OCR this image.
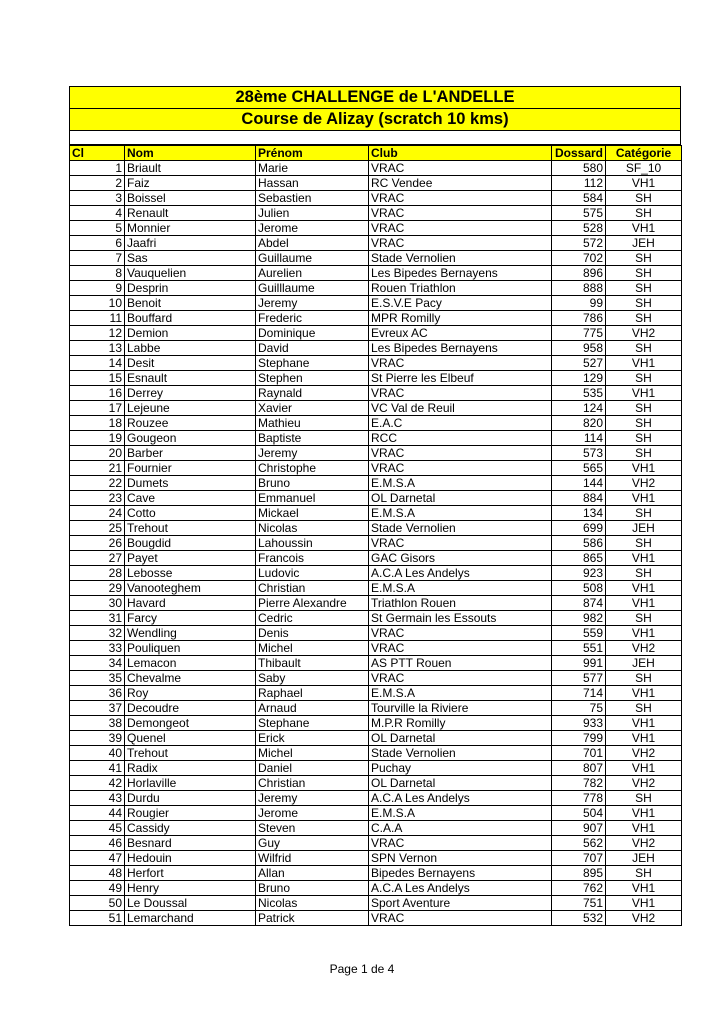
28ème CHALLENGE de L'ANDELLE
Course de Alizay (scratch 10 kms)
Cl	Nom	Prénom	Club	Dossard	Catégorie
1	Briault	Marie	VRAC	580	SF_10
2	Faiz	Hassan	RC Vendee	112	VH1
3	Boissel	Sebastien	VRAC	584	SH
4	Renault	Julien	VRAC	575	SH
5	Monnier	Jerome	VRAC	528	VH1
6	Jaafri	Abdel	VRAC	572	JEH
7	Sas	Guillaume	Stade Vernolien	702	SH
8	Vauquelien	Aurelien	Les Bipedes Bernayens	896	SH
9	Desprin	Guilllaume	Rouen Triathlon	888	SH
10	Benoit	Jeremy	E.S.V.E Pacy	99	SH
11	Bouffard	Frederic	MPR Romilly	786	SH
12	Demion	Dominique	Evreux AC	775	VH2
13	Labbe	David	Les Bipedes Bernayens	958	SH
14	Desit	Stephane	VRAC	527	VH1
15	Esnault	Stephen	St Pierre les Elbeuf	129	SH
16	Derrey	Raynald	VRAC	535	VH1
17	Lejeune	Xavier	VC Val de Reuil	124	SH
18	Rouzee	Mathieu	E.A.C	820	SH
19	Gougeon	Baptiste	RCC	114	SH
20	Barber	Jeremy	VRAC	573	SH
21	Fournier	Christophe	VRAC	565	VH1
22	Dumets	Bruno	E.M.S.A	144	VH2
23	Cave	Emmanuel	OL Darnetal	884	VH1
24	Cotto	Mickael	E.M.S.A	134	SH
25	Trehout	Nicolas	Stade Vernolien	699	JEH
26	Bougdid	Lahoussin	VRAC	586	SH
27	Payet	Francois	GAC Gisors	865	VH1
28	Lebosse	Ludovic	A.C.A Les Andelys	923	SH
29	Vanooteghem	Christian	E.M.S.A	508	VH1
30	Havard	Pierre Alexandre	Triathlon Rouen	874	VH1
31	Farcy	Cedric	St Germain les Essouts	982	SH
32	Wendling	Denis	VRAC	559	VH1
33	Pouliquen	Michel	VRAC	551	VH2
34	Lemacon	Thibault	AS PTT Rouen	991	JEH
35	Chevalme	Saby	VRAC	577	SH
36	Roy	Raphael	E.M.S.A	714	VH1
37	Decoudre	Arnaud	Tourville la Riviere	75	SH
38	Demongeot	Stephane	M.P.R Romilly	933	VH1
39	Quenel	Erick	OL Darnetal	799	VH1
40	Trehout	Michel	Stade Vernolien	701	VH2
41	Radix	Daniel	Puchay	807	VH1
42	Horlaville	Christian	OL Darnetal	782	VH2
43	Durdu	Jeremy	A.C.A Les Andelys	778	SH
44	Rougier	Jerome	E.M.S.A	504	VH1
45	Cassidy	Steven	C.A.A	907	VH1
46	Besnard	Guy	VRAC	562	VH2
47	Hedouin	Wilfrid	SPN Vernon	707	JEH
48	Herfort	Allan	Bipedes Bernayens	895	SH
49	Henry	Bruno	A.C.A Les Andelys	762	VH1
50	Le Doussal	Nicolas	Sport Aventure	751	VH1
51	Lemarchand	Patrick	VRAC	532	VH2
Page 1 de 4
